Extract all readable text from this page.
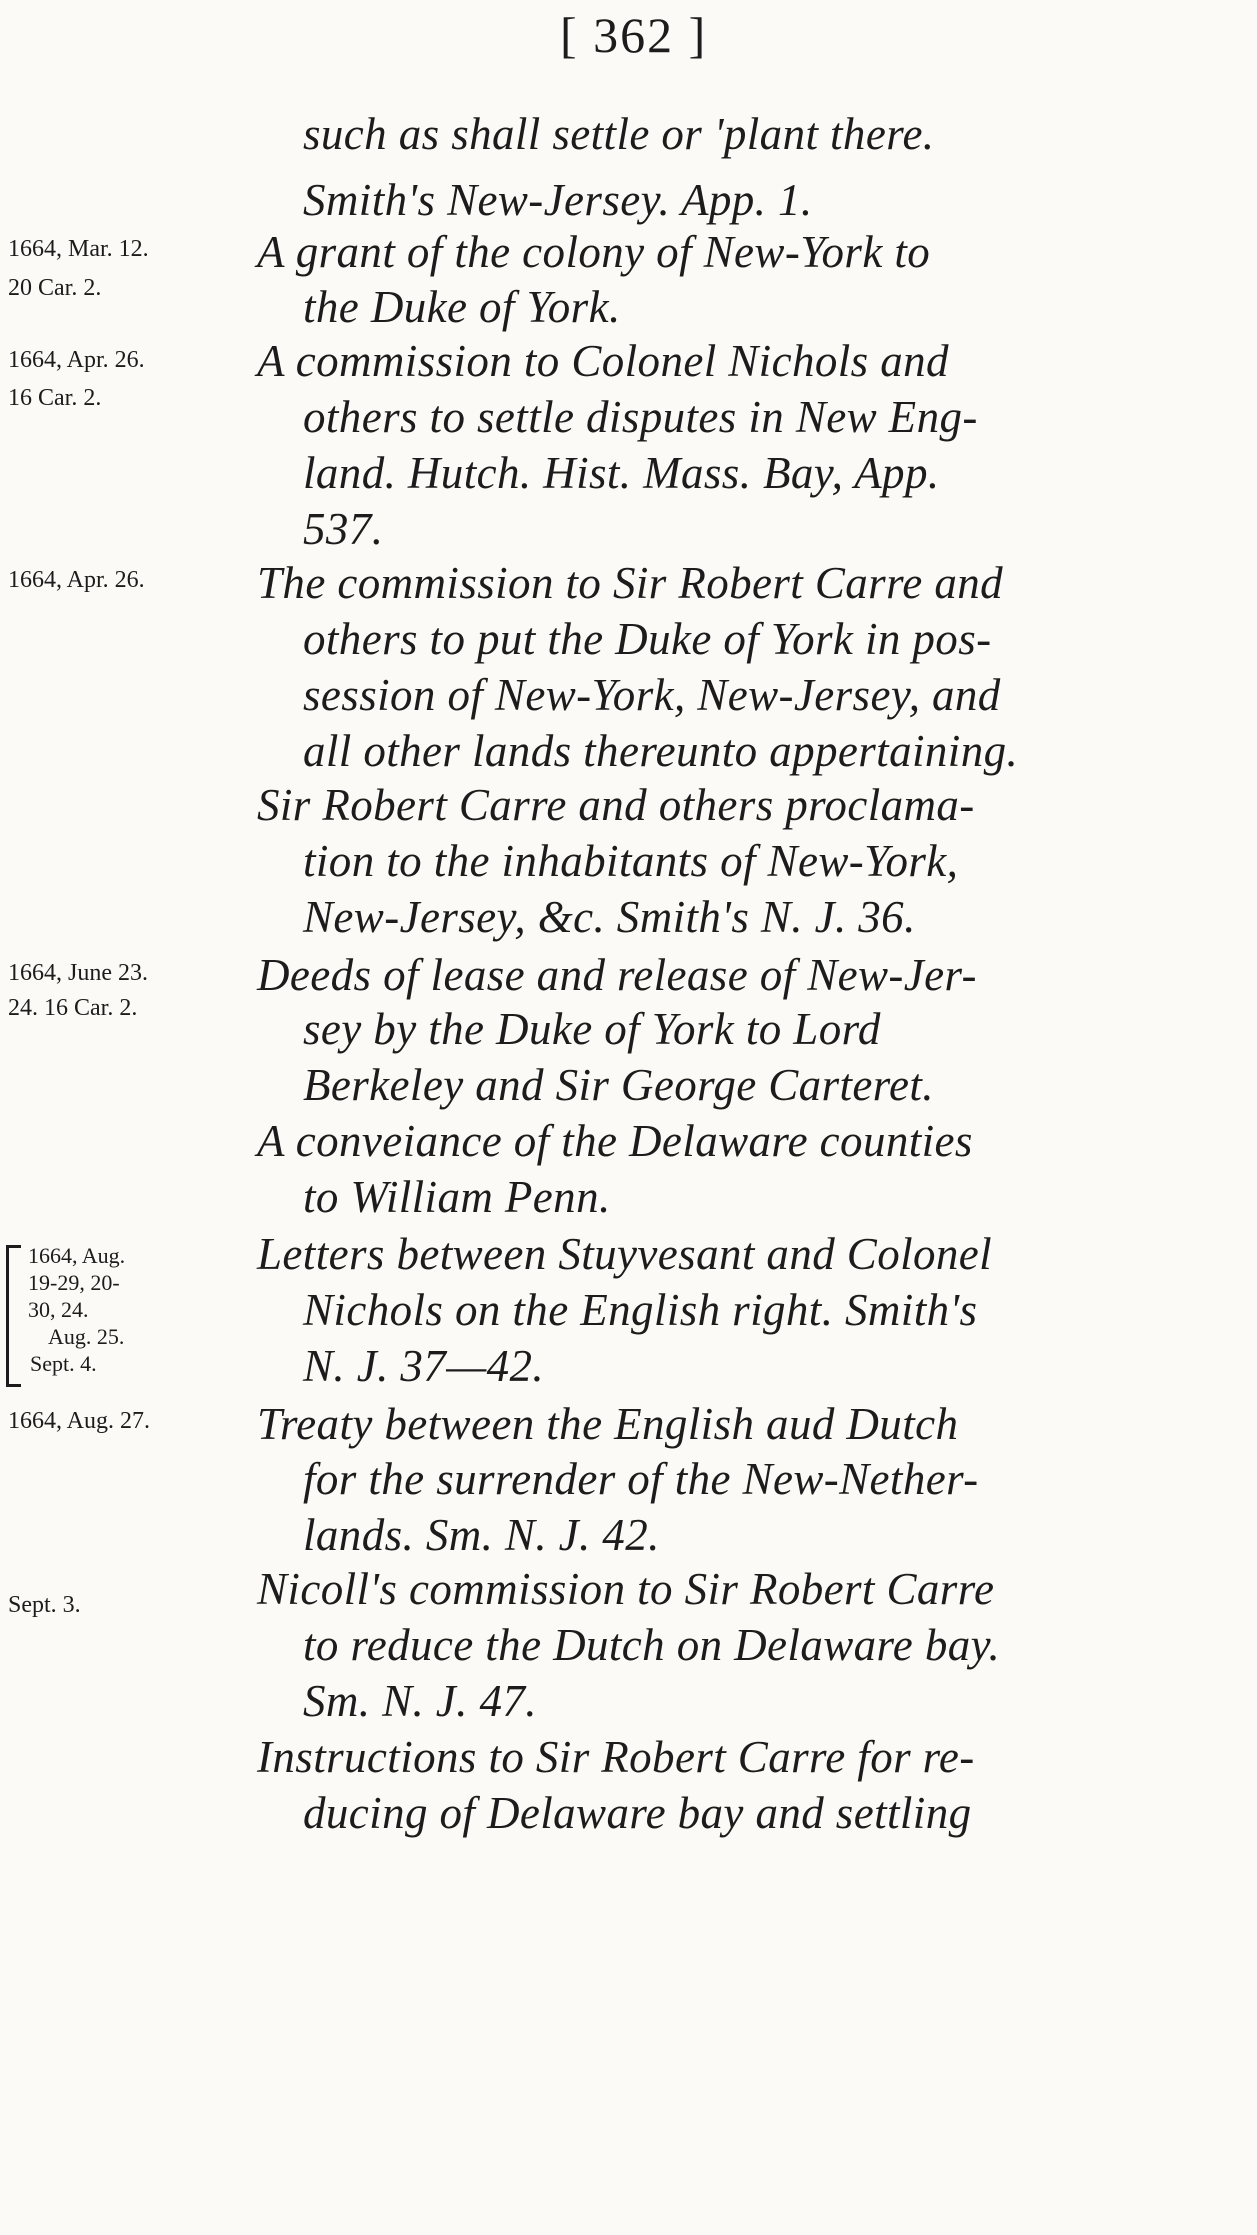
[ 362 ]
such as shall settle or 'plant there.
Smith's New-Jersey. App. 1.
1664, Mar. 12.
20 Car. 2.
A grant of the colony of New-York to
the Duke of York.
1664, Apr. 26.
16 Car. 2.
A commission to Colonel Nichols and
others to settle disputes in New Eng-
land. Hutch. Hist. Mass. Bay, App.
537.
1664, Apr. 26. The commission to Sir Robert Carre and
others to put the Duke of York in pos-
session of New-York, New-Jersey, and
all other lands thereunto appertaining.
Sir Robert Carre and others proclama-
tion to the inhabitants of New-York,
New-Jersey, &c. Smith's N. J. 36.
1664, June 23.
24. 16 Car. 2.
Deeds of lease and release of New-Jer-
sey by the Duke of York to Lord
Berkeley and Sir George Carteret.
A conveiance of the Delaware counties
to William Penn.
1664, Aug.
19-29, 20-
30, 24.
Aug. 25.
Sept. 4.
Letters between Stuyvesant and Colonel
Nichols on the English right. Smith's
N. J. 37—42.
1664, Aug. 27. Treaty between the English aud Dutch
for the surrender of the New-Nether-
lands. Sm. N. J. 42.
Sept. 3.	Nicoll's commission to Sir Robert Carre
to reduce the Dutch on Delaware bay.
Sm. N. J. 47.
Instructions to Sir Robert Carre for re-
ducing of Delaware bay and settling
